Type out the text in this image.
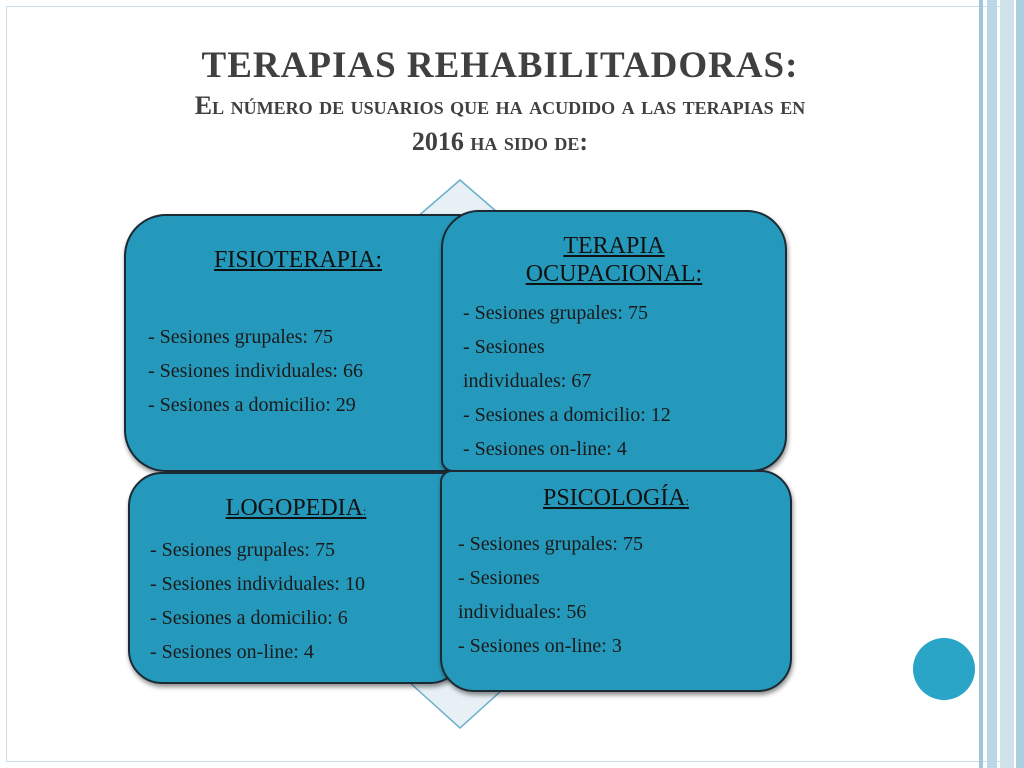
TERAPIAS REHABILITADORAS:
El número de usuarios que ha acudido a las terapias en
2016 ha sido de:
FISIOTERAPIA:
- Sesiones grupales: 75
- Sesiones individuales: 66
- Sesiones a domicilio: 29
TERAPIA
OCUPACIONAL:
- Sesiones grupales: 75
- Sesiones
individuales: 67
- Sesiones a domicilio: 12
- Sesiones on-line: 4
LOGOPEDIA:
- Sesiones grupales: 75
- Sesiones individuales: 10
- Sesiones a domicilio: 6
- Sesiones on-line: 4
PSICOLOGÍA:
- Sesiones grupales: 75
- Sesiones
individuales: 56
- Sesiones on-line: 3
